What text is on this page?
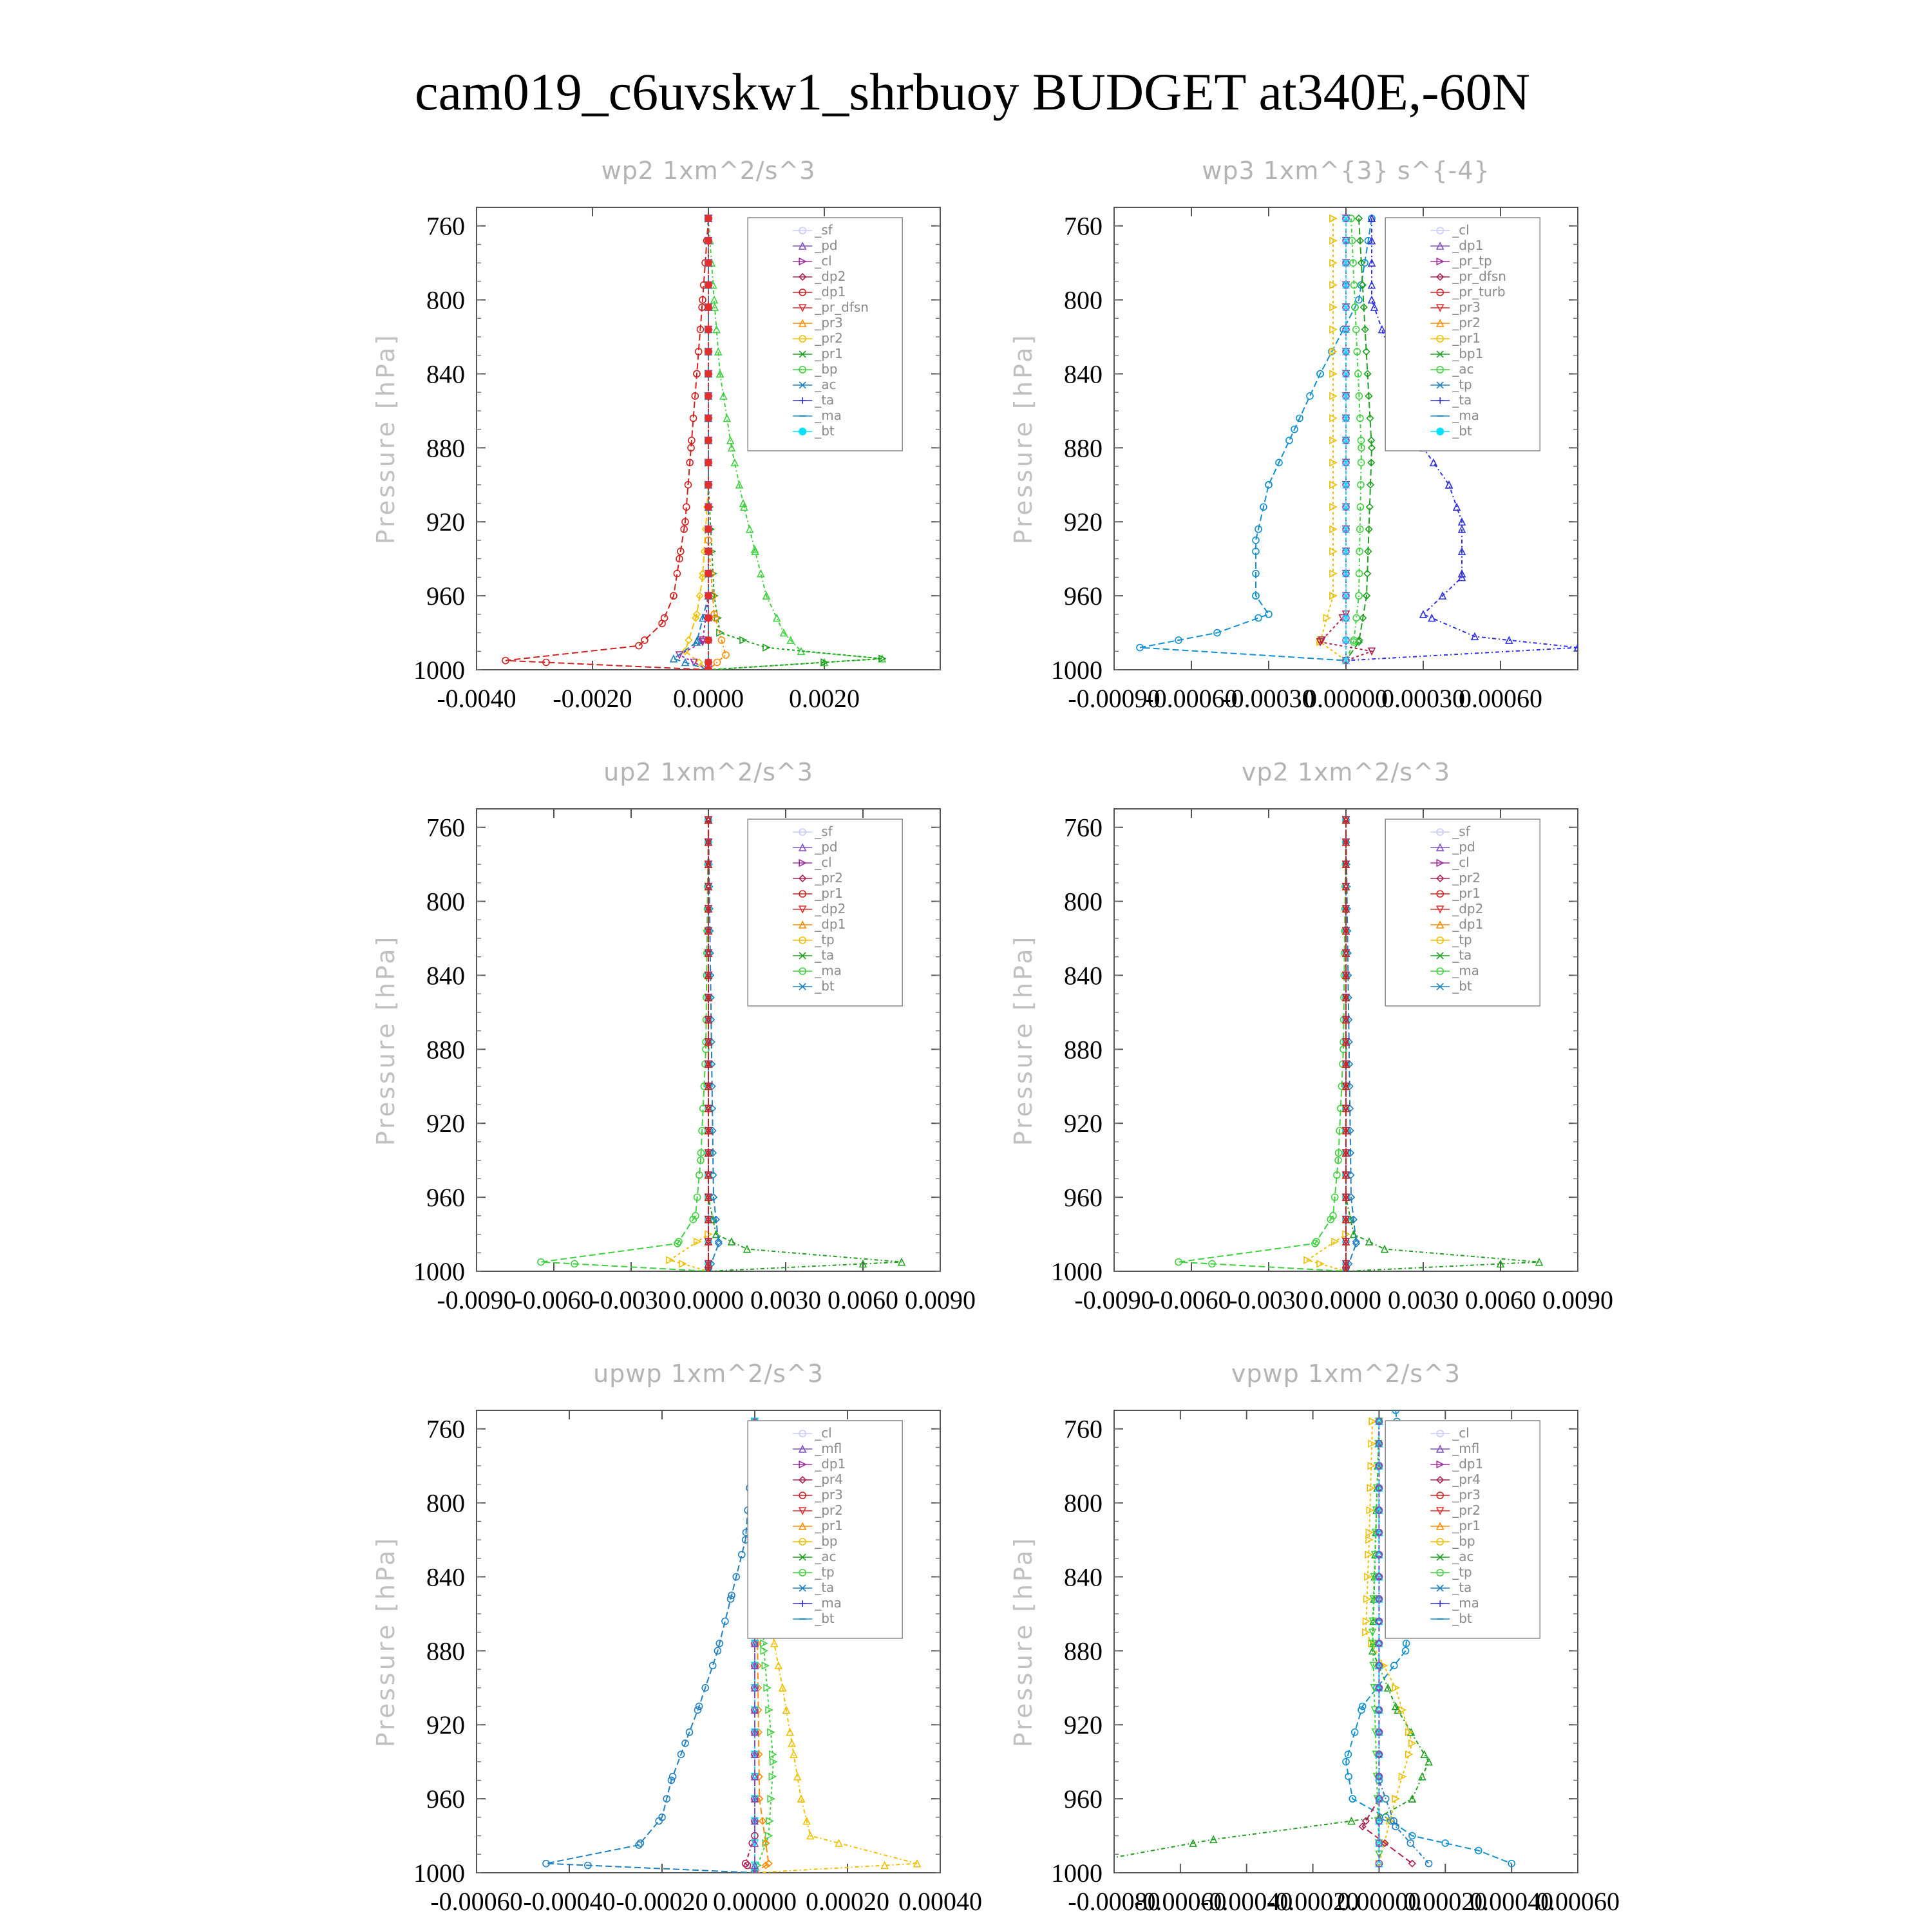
cam019_c6uvskw1_shrbuoy BUDGET at340E,-60N
wp2 1xm^2/s^3
Pressure [hPa]
760
800
840
880
920
960
1000
-0.0040 -0.0020 0.0000 0.0020
_sf
_pd
_cl
_dp2
_dp1
_pr_dfsn
_pr3
_pr2
_pr1
_bp
_ac
_ta
_ma
_bt
wp3 1xm^{3} s^{-4}
Pressure [hPa]
760
800
840
880
920
960
1000
-0.00090
-0.00060
-0.00030
0.00000
0.00030
0.00060
_cl
_dp1
_pr_tp
_pr_dfsn
_pr_turb
_pr3
_pr2
_pr1
_bp1
_ac
_tp
_ta
_ma
_bt
up2 1xm^2/s^3
Pressure [hPa]
760
800
840
880
920
960
1000
-0.0090
-0.0060
-0.0030 0.0000 0.0030 0.0060 0.0090
_sf
_pd
_cl
_pr2
_pr1
_dp2
_dp1
_tp
_ta
_ma
_bt
vp2 1xm^2/s^3
Pressure [hPa]
760
800
840
880
920
960
1000
-0.0090
-0.0060
-0.0030 0.0000 0.0030 0.0060 0.0090
_sf
_pd
_cl
_pr2
_pr1
_dp2
_dp1
_tp
_ta
_ma
_bt
upwp 1xm^2/s^3
Pressure [hPa]
760
800
840
880
920
960
1000
-0.00060 -0.00040 -0.00020 0.00000 0.00020 0.00040
_cl
_mfl
_dp1
_pr4
_pr3
_pr2
_pr1
_bp
_ac
_tp
_ta
_ma
_bt
vpwp 1xm^2/s^3
Pressure [hPa]
760
800
840
880
920
960
1000
-0.00080
-0.00060
-0.00040
-0.00020
0.00000
0.00020
0.00040
0.00060
_cl
_mfl
_dp1
_pr4
_pr3
_pr2
_pr1
_bp
_ac
_tp
_ta
_ma
_bt
